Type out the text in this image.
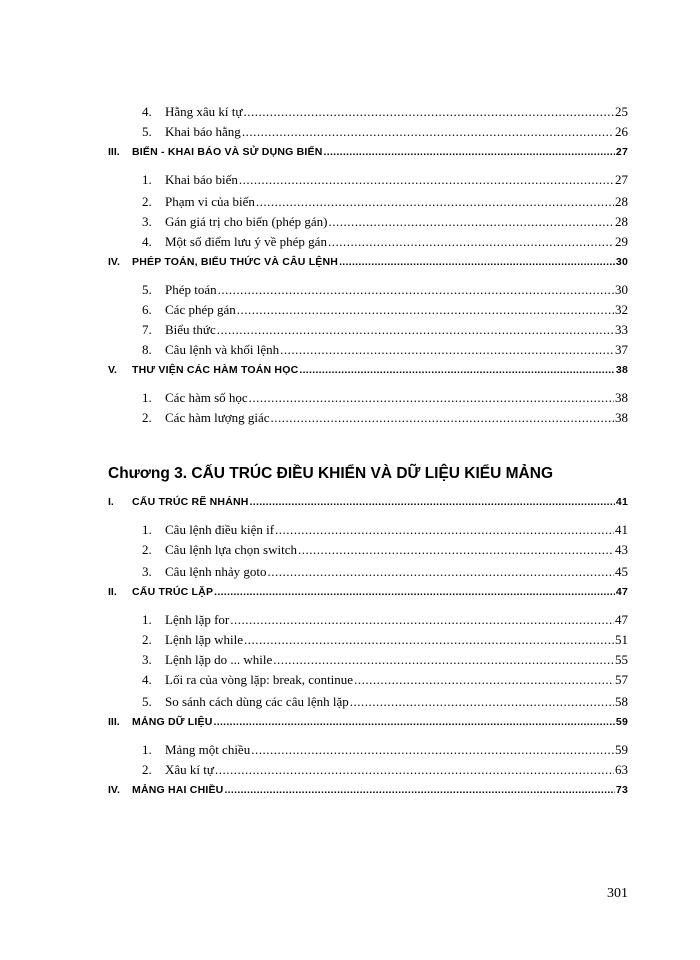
4.	Hằng xâu kí tự .....	25
5.	Khai báo hằng .....	26
III.	BIẾN - KHAI BÁO VÀ SỬ DỤNG BIẾN .....	27
1.	Khai báo biến .....	27
2.	Phạm vi của biến .....	28
3.	Gán giá trị cho biến (phép gán) .....	28
4.	Một số điểm lưu ý về phép gán .....	29
IV.	PHÉP TOÁN, BIỂU THỨC VÀ CÂU LỆNH .....	30
5.	Phép toán .....	30
6.	Các phép gán .....	32
7.	Biểu thức .....	33
8.	Câu lệnh và khối lệnh .....	37
V.	THƯ VIỆN CÁC HÀM TOÁN HỌC .....	38
1.	Các hàm số học .....	38
2.	Các hàm lượng giác .....	38
Chương 3. CẤU TRÚC ĐIỀU KHIỂN VÀ DỮ LIỆU KIỂU MẢNG
I.	CẤU TRÚC RẼ NHÁNH .....	41
1.	Câu lệnh điều kiện if .....	41
2.	Câu lệnh lựa chọn switch .....	43
3.	Câu lệnh nhảy goto .....	45
II.	CẤU TRÚC LẶP .....	47
1.	Lệnh lặp for .....	47
2.	Lệnh lặp while .....	51
3.	Lệnh lặp do ... while .....	55
4.	Lối ra của vòng lặp: break, continue .....	57
5.	So sánh cách dùng các câu lệnh lặp .....	58
III.	MẢNG DỮ LIỆU .....	59
1.	Mảng một chiều .....	59
2.	Xâu kí tự .....	63
IV.	MẢNG HAI CHIỀU .....	73
301
